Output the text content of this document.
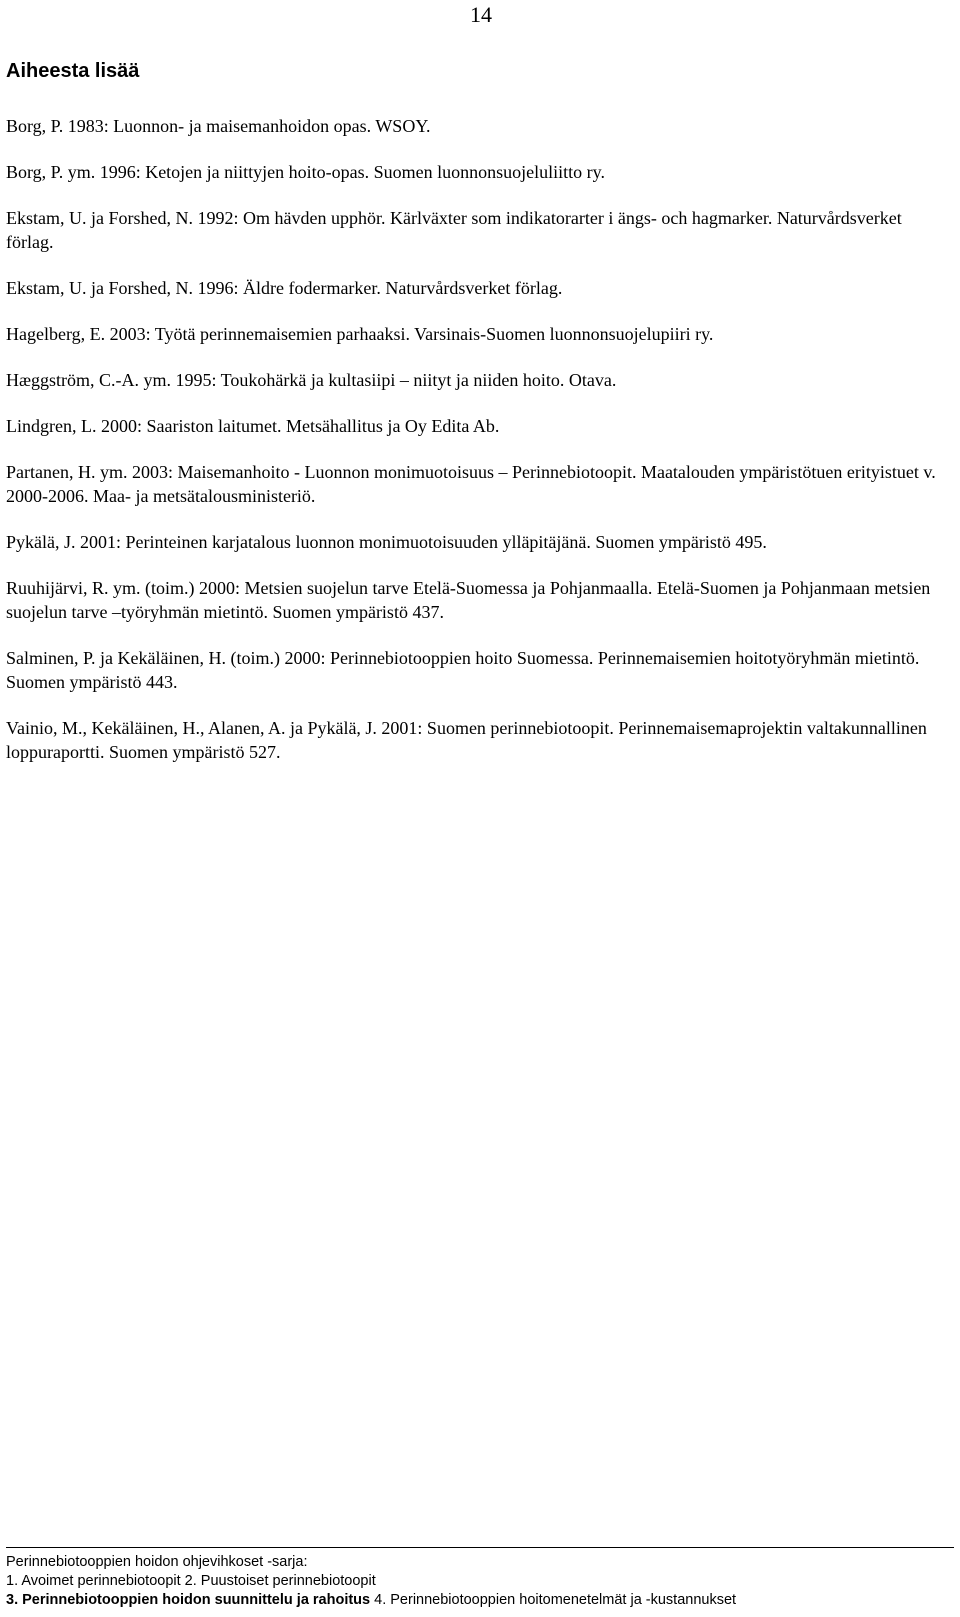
14
Aiheesta lisää
Borg, P. 1983: Luonnon- ja maisemanhoidon opas. WSOY.
Borg, P. ym. 1996: Ketojen ja niittyjen hoito-opas. Suomen luonnonsuojeluliitto ry.
Ekstam, U. ja Forshed, N. 1992: Om hävden upphör. Kärlväxter som indikatorarter i ängs- och hagmarker. Naturvårdsverket förlag.
Ekstam, U. ja Forshed, N. 1996: Äldre fodermarker. Naturvårdsverket förlag.
Hagelberg, E. 2003: Työtä perinnemaisemien parhaaksi. Varsinais-Suomen luonnonsuojelupiiri ry.
Hæggström, C.-A. ym. 1995: Toukohärkä ja kultasiipi – niityt ja niiden hoito. Otava.
Lindgren, L. 2000: Saariston laitumet. Metsähallitus ja Oy Edita Ab.
Partanen, H. ym. 2003: Maisemanhoito - Luonnon monimuotoisuus – Perinnebiotoopit. Maatalouden ympäristötuen erityistuet v. 2000-2006. Maa- ja metsätalousministeriö.
Pykälä, J. 2001: Perinteinen karjatalous luonnon monimuotoisuuden ylläpitäjänä. Suomen ympäristö 495.
Ruuhijärvi, R. ym. (toim.) 2000: Metsien suojelun tarve Etelä-Suomessa ja Pohjanmaalla. Etelä-Suomen ja Pohjanmaan metsien suojelun tarve –työryhmän mietintö. Suomen ympäristö 437.
Salminen, P. ja Kekäläinen, H. (toim.) 2000: Perinnebiotooppien hoito Suomessa. Perinnemaisemien hoitotyöryhmän mietintö. Suomen ympäristö 443.
Vainio, M., Kekäläinen, H., Alanen, A. ja Pykälä, J. 2001: Suomen perinnebiotoopit. Perinnemaisemaprojektin valtakunnallinen loppuraportti. Suomen ympäristö 527.
Perinnebiotooppien hoidon ohjevihkoset -sarja:
1. Avoimet perinnebiotoopit 2. Puustoiset perinnebiotoopit
3. Perinnebiotooppien hoidon suunnittelu ja rahoitus 4. Perinnebiotooppien hoitomenetelmät ja -kustannukset
